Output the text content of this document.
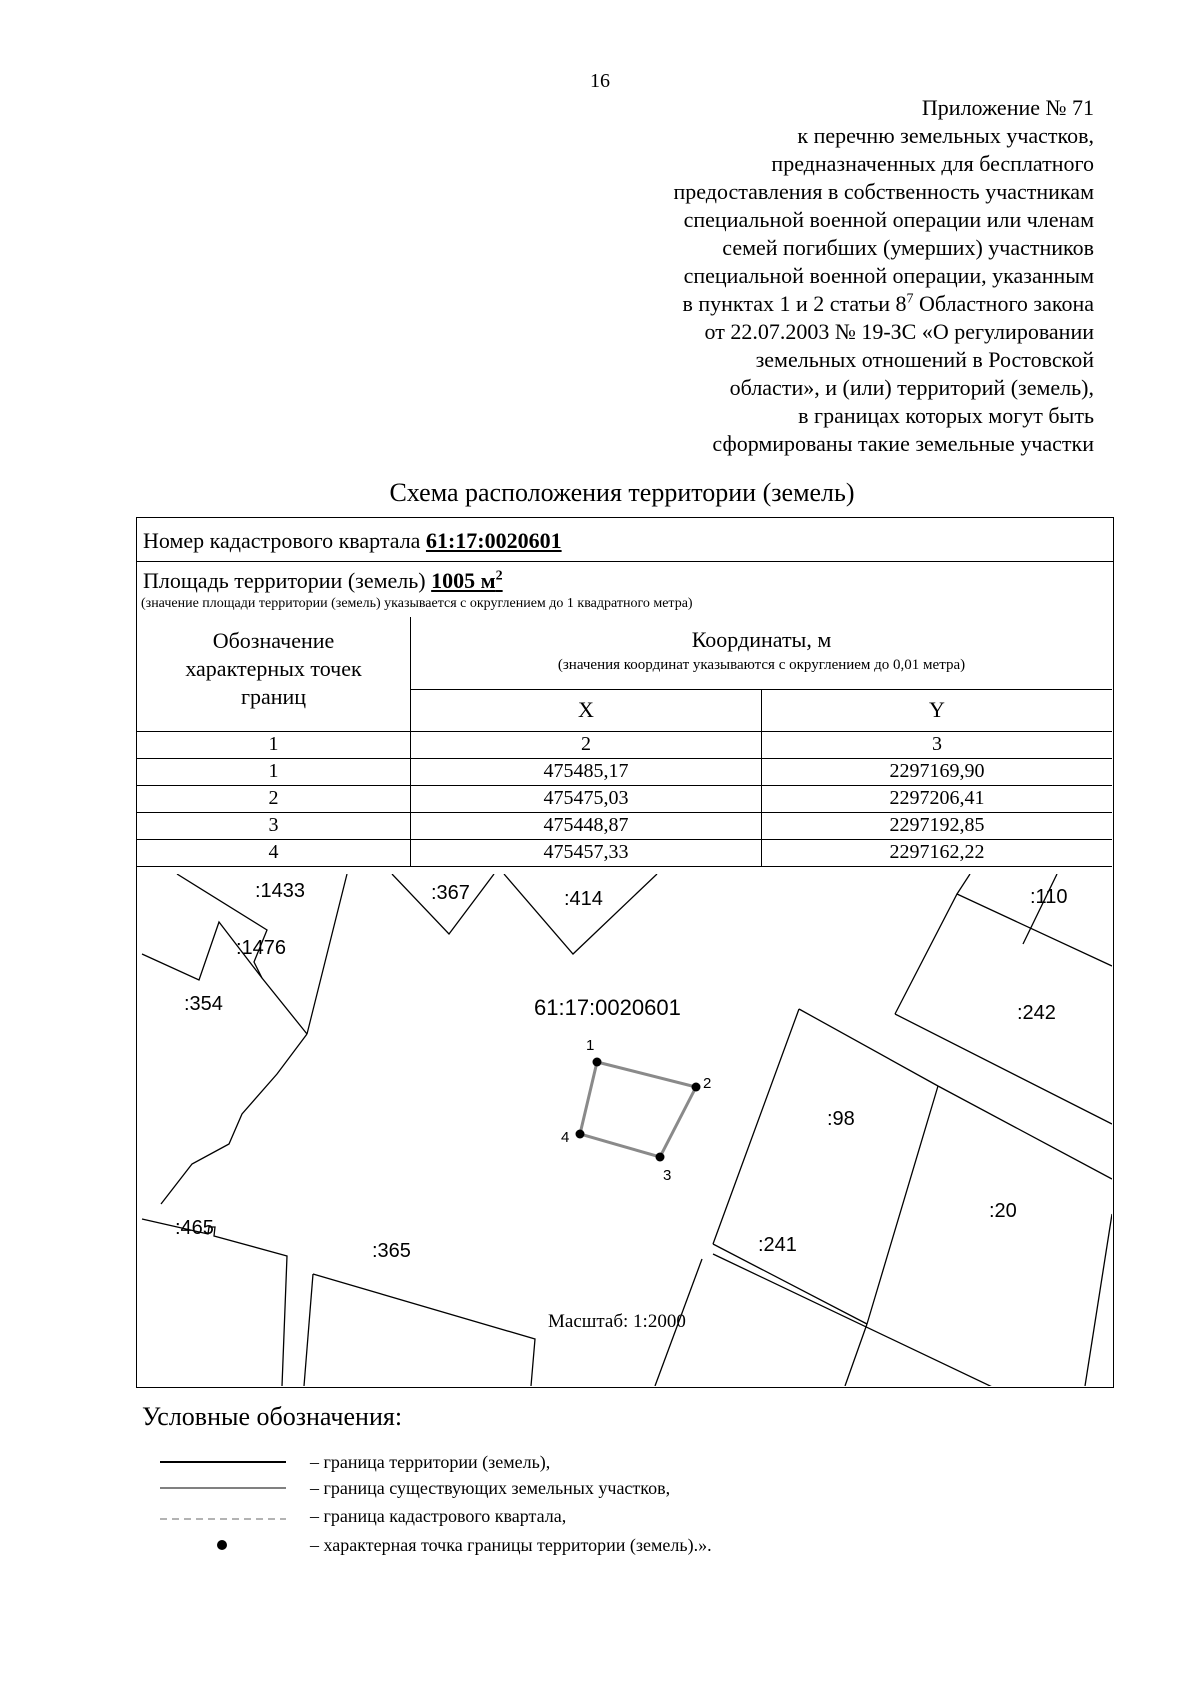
16
Приложение № 71
к перечню земельных участков,
предназначенных для бесплатного
предоставления в собственность участникам
специальной военной операции или членам
семей погибших (умерших) участников
специальной военной операции, указанным
в пунктах 1 и 2 статьи $8^7$ Областного закона
от 22.07.2003 № 19-ЗС «О регулировании
земельных отношений в Ростовской
области», и (или) территорий (земель),
в границах которых могут быть
сформированы такие земельные участки
Схема расположения территории (земель)
Номер кадастрового квартала 61:17:0020601
Площадь территории (земель) 1005 $м^2$
(значение площади территории (земель) указывается с округлением до 1 квадратного метра)
Обозначение характерных точек границ	Координаты, м
(значения координат указываются с округлением до 0,01 метра)	

	X	Y
1	2	3
1	475485,17	2297169,90
2	475475,03	2297206,41
3	475448,87	2297192,85
4	475457,33	2297162,22
1
2
3
4
61:17:0020601
:1433	:367	:414	:110
:1476
:354	:242
:98
:20
:465
:365	:241
Масштаб: 1:2000
Условные обозначения:
– граница территории (земель),
– граница существующих земельных участков,
– граница кадастрового квартала,
– характерная точка границы территории (земель).».
